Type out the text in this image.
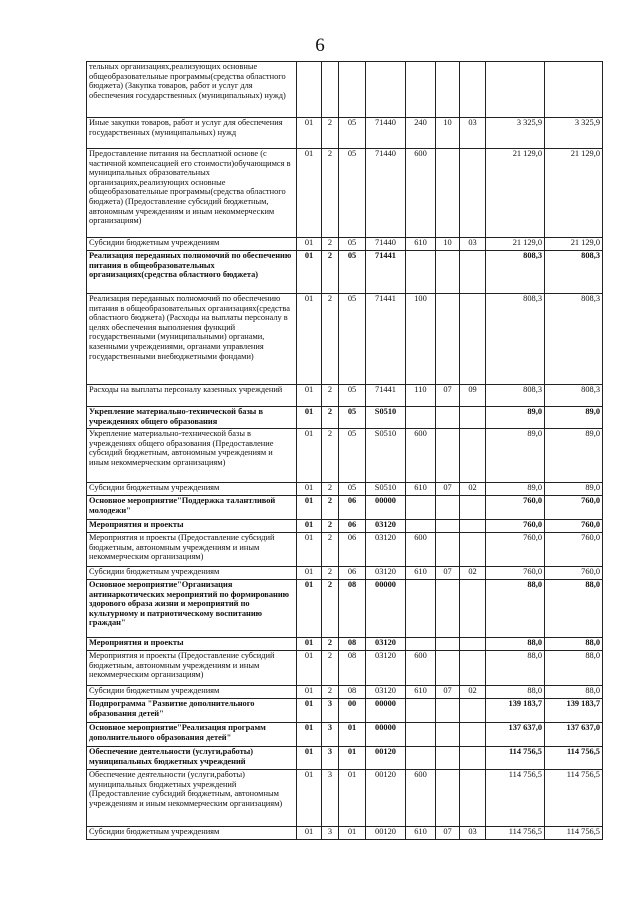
6
тельных организациях,реализующих основные общеобразовательные программы(средства областного бюджета) (Закупка товаров, работ и услуг для обеспечения государственных (муниципальных) нужд)									
Иные закупки товаров, работ и услуг для обеспечения государственных (муниципальных) нужд	01	2	05	71440	240	10	03	3 325,9	3 325,9
Предоставление питания на бесплатной основе (с частичной компенсацией его стоимости)обучающимся в муниципальных образовательных организациях,реализующих основные общеобразовательные программы(средства областного бюджета) (Предоставление субсидий бюджетным, автономным учреждениям и иным некоммерческим организациям)	01	2	05	71440	600			21 129,0	21 129,0
Субсидии бюджетным учреждениям	01	2	05	71440	610	10	03	21 129,0	21 129,0
Реализация переданных полномочий по обеспечению питания в общеобразовательных организациях(средства областного бюджета)	01	2	05	71441				808,3	808,3
Реализация переданных полномочий по обеспечению питания в общеобразовательных организациях(средства областного бюджета) (Расходы на выплаты персоналу в целях обеспечения выполнения функций государственными (муниципальными) органами, казенными учреждениями, органами управления государственными внебюджетными фондами)	01	2	05	71441	100			808,3	808,3
Расходы на выплаты персоналу казенных учреждений	01	2	05	71441	110	07	09	808,3	808,3
Укрепление материально-технической базы в учреждениях общего образования	01	2	05	S0510				89,0	89,0
Укрепление материально-технической базы в учреждениях общего образования (Предоставление субсидий бюджетным, автономным учреждениям и иным некоммерческим организациям)	01	2	05	S0510	600			89,0	89,0
Субсидии бюджетным учреждениям	01	2	05	S0510	610	07	02	89,0	89,0
Основное мероприятие"Поддержка талантливой молодежи"	01	2	06	00000				760,0	760,0
Мероприятия и проекты	01	2	06	03120				760,0	760,0
Мероприятия и проекты (Предоставление субсидий бюджетным, автономным учреждениям и иным некоммерческим организациям)	01	2	06	03120	600			760,0	760,0
Субсидии бюджетным учреждениям	01	2	06	03120	610	07	02	760,0	760,0
Основное мероприятие"Организация антинаркотических мероприятий по формированию здорового образа жизни и мероприятий по культурному и патриотическому воспитанию граждан"	01	2	08	00000				88,0	88,0
Мероприятия и проекты	01	2	08	03120				88,0	88,0
Мероприятия и проекты (Предоставление субсидий бюджетным, автономным учреждениям и иным некоммерческим организациям)	01	2	08	03120	600			88,0	88,0
Субсидии бюджетным учреждениям	01	2	08	03120	610	07	02	88,0	88,0
Подпрограмма "Развитие дополнительного образования детей"	01	3	00	00000				139 183,7	139 183,7
Основное мероприятие"Реализация программ дополнительного образования детей"	01	3	01	00000				137 637,0	137 637,0
Обеспечение деятельности (услуги,работы) муниципальных бюджетных учреждений	01	3	01	00120				114 756,5	114 756,5
Обеспечение деятельности (услуги,работы) муниципальных бюджетных учреждений (Предоставление субсидий бюджетным, автономным учреждениям и иным некоммерческим организациям)	01	3	01	00120	600			114 756,5	114 756,5
Субсидии бюджетным учреждениям	01	3	01	00120	610	07	03	114 756,5	114 756,5
